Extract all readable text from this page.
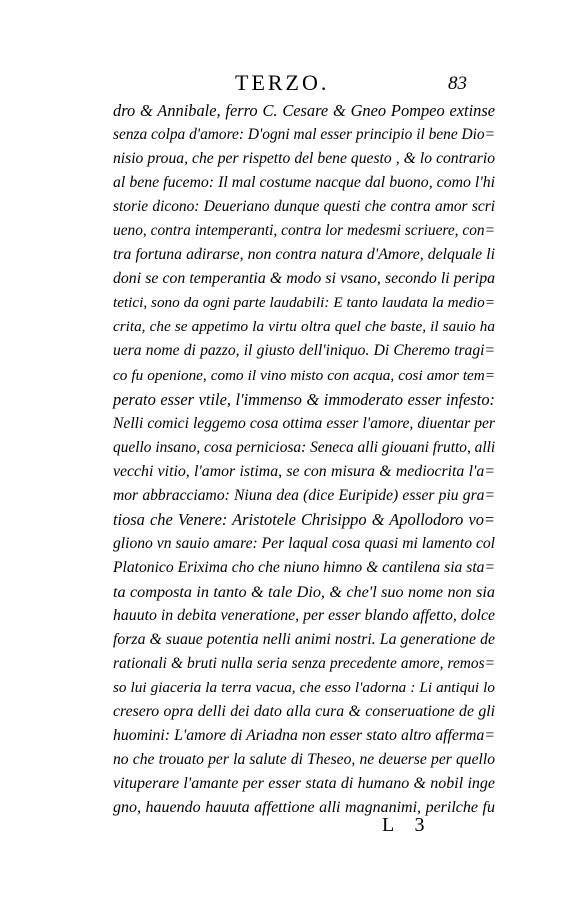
TERZO.	83
dro & Annibale, ferro C. Cesare & Gneo Pompeo extinse
senza colpa d'amore: D'ogni mal esser principio il bene Dio=
nisio proua, che per rispetto del bene questo , & lo contrario
al bene fucemo: Il mal costume nacque dal buono, como l'hi
storie dicono: Deueriano dunque questi che contra amor scri
ueno, contra intemperanti, contra lor medesmi scriuere, con=
tra fortuna adirarse, non contra natura d'Amore, delquale li
doni se con temperantia & modo si vsano, secondo li peripa
tetici, sono da ogni parte laudabili: E tanto laudata la medio=
crita, che se appetimo la virtu oltra quel che baste, il sauio ha
uera nome di pazzo, il giusto dell'iniquo. Di Cheremo tragi=
co fu openione, como il vino misto con acqua, cosi amor tem=
perato esser vtile, l'immenso & immoderato esser infesto:
Nelli comici leggemo cosa ottima esser l'amore, diuentar per
quello insano, cosa perniciosa: Seneca alli giouani frutto, alli
vecchi vitio, l'amor istima, se con misura & mediocrita l'a=
mor abbracciamo: Niuna dea (dice Euripide) esser piu gra=
tiosa che Venere: Aristotele Chrisippo & Apollodoro vo=
gliono vn sauio amare: Per laqual cosa quasi mi lamento col
Platonico Erixima cho che niuno himno & cantilena sia sta=
ta composta in tanto & tale Dio, & che'l suo nome non sia
hauuto in debita veneratione, per esser blando affetto, dolce
forza & suaue potentia nelli animi nostri. La generatione de
rationali & bruti nulla seria senza precedente amore, remos=
so lui giaceria la terra vacua, che esso l'adorna : Li antiqui lo
cresero opra delli dei dato alla cura & conseruatione de gli
huomini: L'amore di Ariadna non esser stato altro afferma=
no che trouato per la salute di Theseo, ne deuerse per quello
vituperare l'amante per esser stata di humano & nobil inge
gno, hauendo hauuta affettione alli magnanimi, perilche fu
L 3
